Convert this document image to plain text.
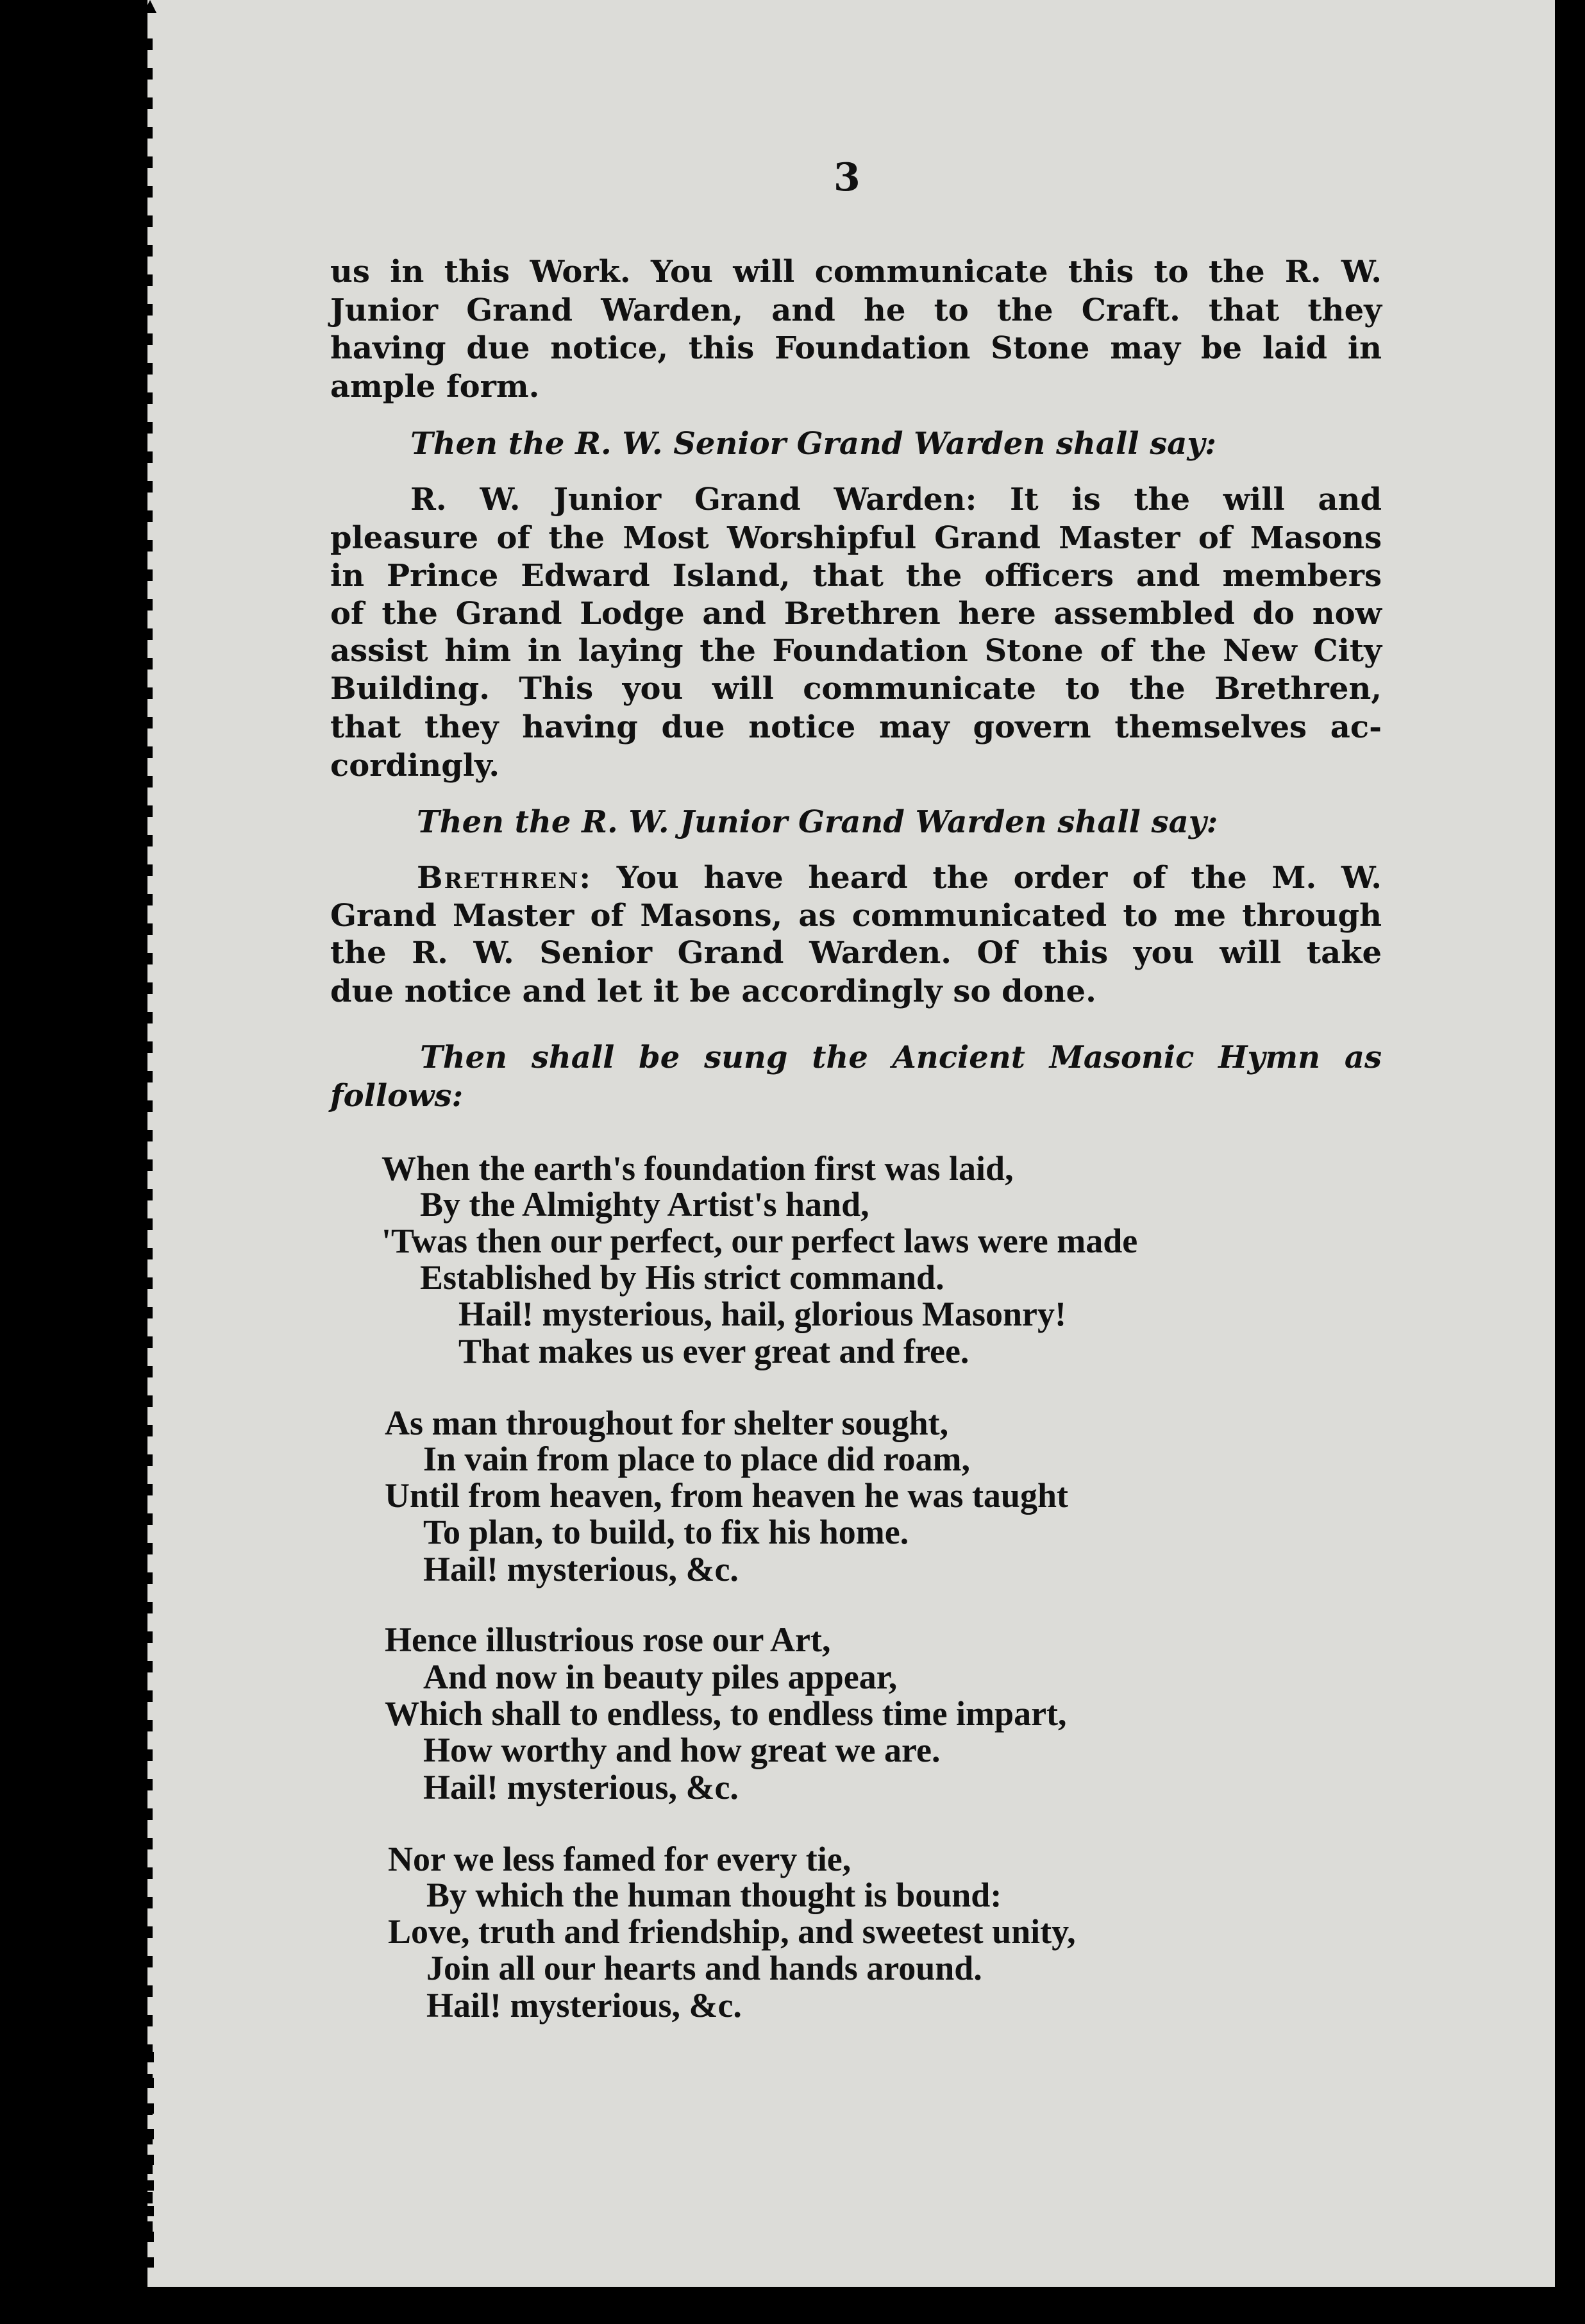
3
us in this Work. You will communicate this to the R. W.
Junior Grand Warden, and he to the Craft. that they
having due notice, this Foundation Stone may be laid in
ample form.
Then the R. W. Senior Grand Warden shall say:
R. W. Junior Grand Warden: It is the will and
pleasure of the Most Worshipful Grand Master of Masons
in Prince Edward Island, that the officers and members
of the Grand Lodge and Brethren here assembled do now
assist him in laying the Foundation Stone of the New City
Building. This you will communicate to the Brethren,
that they having due notice may govern themselves ac-
cordingly.
Then the R. W. Junior Grand Warden shall say:
Brethren: You have heard the order of the M. W.
Grand Master of Masons, as communicated to me through
the R. W. Senior Grand Warden. Of this you will take
due notice and let it be accordingly so done.
Then shall be sung the Ancient Masonic Hymn as
follows:
When the earth's foundation first was laid,
By the Almighty Artist's hand,
'Twas then our perfect, our perfect laws were made
Established by His strict command.
Hail! mysterious, hail, glorious Masonry!
That makes us ever great and free.
As man throughout for shelter sought,
In vain from place to place did roam,
Until from heaven, from heaven he was taught
To plan, to build, to fix his home.
Hail! mysterious, &c.
Hence illustrious rose our Art,
And now in beauty piles appear,
Which shall to endless, to endless time impart,
How worthy and how great we are.
Hail! mysterious, &c.
Nor we less famed for every tie,
By which the human thought is bound:
Love, truth and friendship, and sweetest unity,
Join all our hearts and hands around.
Hail! mysterious, &c.
